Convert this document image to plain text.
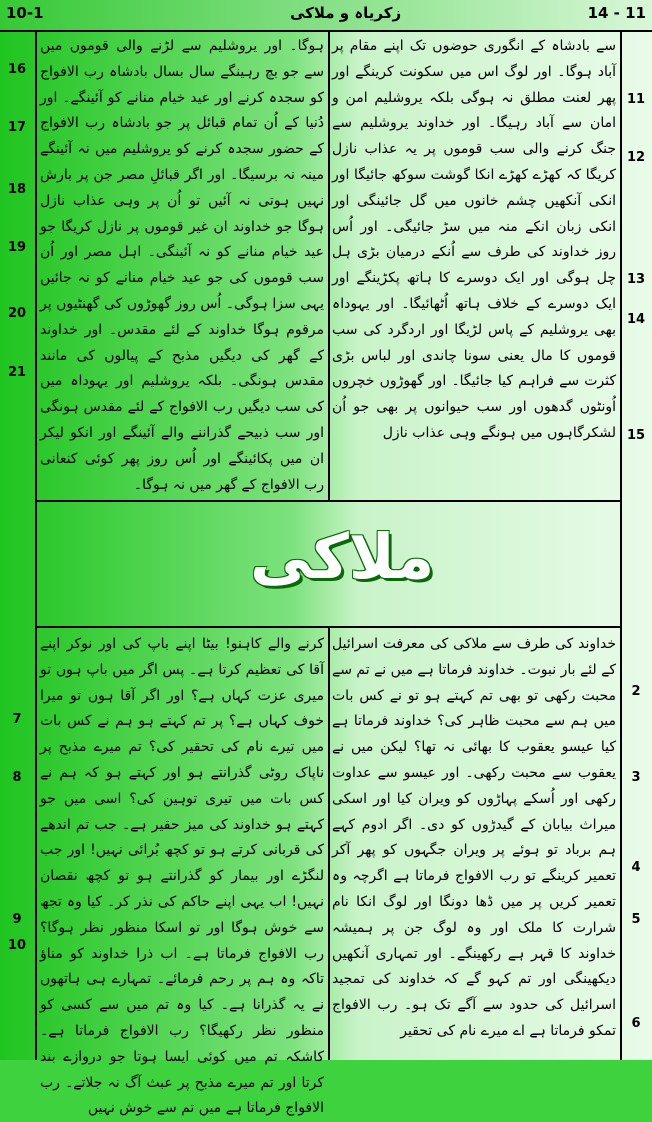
10-1	زکریاہ و ملاکی	14 - 11

سے بادشاہ کے انگوری حوضوں تک اپنے مقام پر آباد ہوگا۔ اور لوگ اس میں سکونت کرینگے اور پھر لعنت مطلق نہ ہوگی بلکہ یروشلیم امن و امان سے آباد رہیگا۔ اور خداوند یروشلیم سے جنگ کرنے والی سب قوموں پر یہ عذاب نازل کریگا کہ کھڑے کھڑے انکا گوشت سوکھ جائیگا اور انکی آنکھیں چشم خانوں میں گل جائینگی اور انکی زبان انکے منہ میں سڑ جائیگی۔ اور اُس روز خداوند کی طرف سے اُنکے درمیان بڑی ہل چل ہوگی اور ایک دوسرے کا ہاتھ پکڑینگے اور ایک دوسرے کے خلاف ہاتھ اُٹھائیگا۔ اور یہوداہ بھی یروشلیم کے پاس لڑیگا اور اردگرد کی سب قوموں کا مال یعنی سونا چاندی اور لباس بڑی کثرت سے فراہم کیا جائیگا۔ اور گھوڑوں خچروں اُونٹوں گدھوں اور سب حیوانوں پر بھی جو اُن لشکرگاہوں میں ہونگے وہی عذاب نازل

ہوگا۔ اور یروشلیم سے لڑنے والی قوموں میں سے جو بچ رہینگے سال بسال بادشاہ رب الافواج کو سجدہ کرنے اور عید خیام منانے کو آئینگے۔ اور دُنیا کے اُن تمام قبائل پر جو بادشاہ رب الافواج کے حضور سجدہ کرنے کو یروشلیم میں نہ آئینگے مینہ نہ برسیگا۔ اور اگر قبائلِ مصر جن پر بارش نہیں ہوتی نہ آئیں تو اُن پر وہی عذاب نازل ہوگا جو خداوند ان غیر قوموں پر نازل کریگا جو عید خیام منانے کو نہ آئینگی۔ اہل مصر اور اُن سب قوموں کی جو عید خیام منانے کو نہ جائیں یہی سزا ہوگی۔ اُس روز گھوڑوں کی گھنٹیوں پر مرقوم ہوگا خداوند کے لئے مقدس۔ اور خداوند کے گھر کی دیگیں مذبح کے پیالوں کی مانند مقدس ہونگی۔ بلکہ یروشلیم اور یہوداہ میں کی سب دیگیں رب الافواج کے لئے مقدس ہونگی اور سب ذبیحے گذراننے والے آئینگے اور انکو لیکر ان میں پکائینگے اور اُس روز پھر کوئی کنعانی رب الافواج کے گھر میں نہ ہوگا۔

11
12
13
14
15
16
17
18
19
20
21
ملاکی

خداوند کی طرف سے ملاکی کی معرفت اسرائیل کے لئے بار نبوت۔ خداوند فرماتا ہے میں نے تم سے محبت رکھی تو بھی تم کہتے ہو تو نے کس بات میں ہم سے محبت ظاہر کی؟ خداوند فرماتا ہے کیا عیسو یعقوب کا بھائی نہ تھا؟ لیکن میں نے یعقوب سے محبت رکھی۔ اور عیسو سے عداوت رکھی اور اُسکے پہاڑوں کو ویران کیا اور اسکی میراث بیابان کے گیدڑوں کو دی۔ اگر ادوم کہے ہم برباد تو ہوئے پر ویران جگہوں کو پھر آکر تعمیر کرینگے تو رب الافواج فرماتا ہے اگرچہ وہ تعمیر کریں پر میں ڈھا دونگا اور لوگ انکا نام شرارت کا ملک اور وہ لوگ جن پر ہمیشہ خداوند کا قہر ہے رکھینگے۔ اور تمہاری آنکھیں دیکھینگی اور تم کہو گے کہ خداوند کی تمجید اسرائیل کی حدود سے آگے تک ہو۔ رب الافواج تمکو فرماتا ہے اے میرے نام کی تحقیر

کرنے والے کاہنو! بیٹا اپنے باپ کی اور نوکر اپنے آقا کی تعظیم کرتا ہے۔ پس اگر میں باپ ہوں تو میری عزت کہاں ہے؟ اور اگر آقا ہوں تو میرا خوف کہاں ہے؟ پر تم کہتے ہو ہم نے کس بات میں تیرے نام کی تحقیر کی؟ تم میرے مذبح پر ناپاک روٹی گذرانتے ہو اور کہتے ہو کہ ہم نے کس بات میں تیری توہین کی؟ اسی میں جو کہتے ہو خداوند کی میز حقیر ہے۔ جب تم اندھے کی قربانی کرتے ہو تو کچھ بُرائی نہیں! اور جب لنگڑے اور بیمار کو گذرانتے ہو تو کچھ نقصان نہیں! اب یہی اپنے حاکم کی نذر کر۔ کیا وہ تجھ سے خوش ہوگا اور تو اسکا منظور نظر ہوگا؟ رب الافواج فرماتا ہے۔ اب ذرا خداوند کو مناؤ تاکہ وہ ہم پر رحم فرمائے۔ تمہارے ہی ہاتھوں نے یہ گذرانا ہے۔ کیا وہ تم میں سے کسی کو منظور نظر رکھیگا؟ رب الافواج فرماتا ہے۔ کاشکہ تم میں کوئی ایسا ہوتا جو دروازے بند کرتا اور تم میرے مذبح پر عبث آگ نہ جلاتے۔ رب الافواج فرماتا ہے میں تم سے خوش نہیں

2
3
4
5
6
7
8
9
10
